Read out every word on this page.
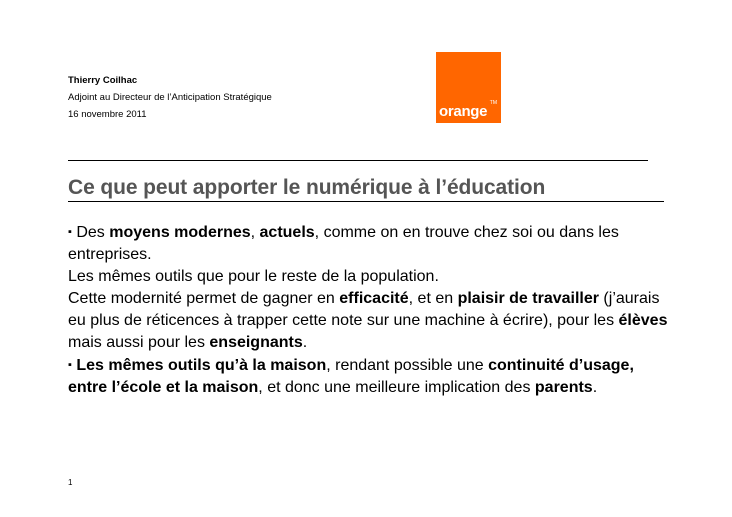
Thierry Coilhac
Adjoint au Directeur de l’Anticipation Stratégique
16 novembre 2011
TM
orange
Ce que peut apporter le numérique à l’éducation

▪ Des moyens modernes, actuels, comme on en trouve chez soi ou dans les entreprises.

Les mêmes outils que pour le reste de la population.

Cette modernité permet de gagner en efficacité, et en plaisir de travailler (j’aurais eu plus de réticences à trapper cette note sur une machine à écrire), pour les élèves mais aussi pour les enseignants.

▪ Les mêmes outils qu’à la maison, rendant possible une continuité d’usage, entre l’école et la maison, et donc une meilleure implication des parents.

1
